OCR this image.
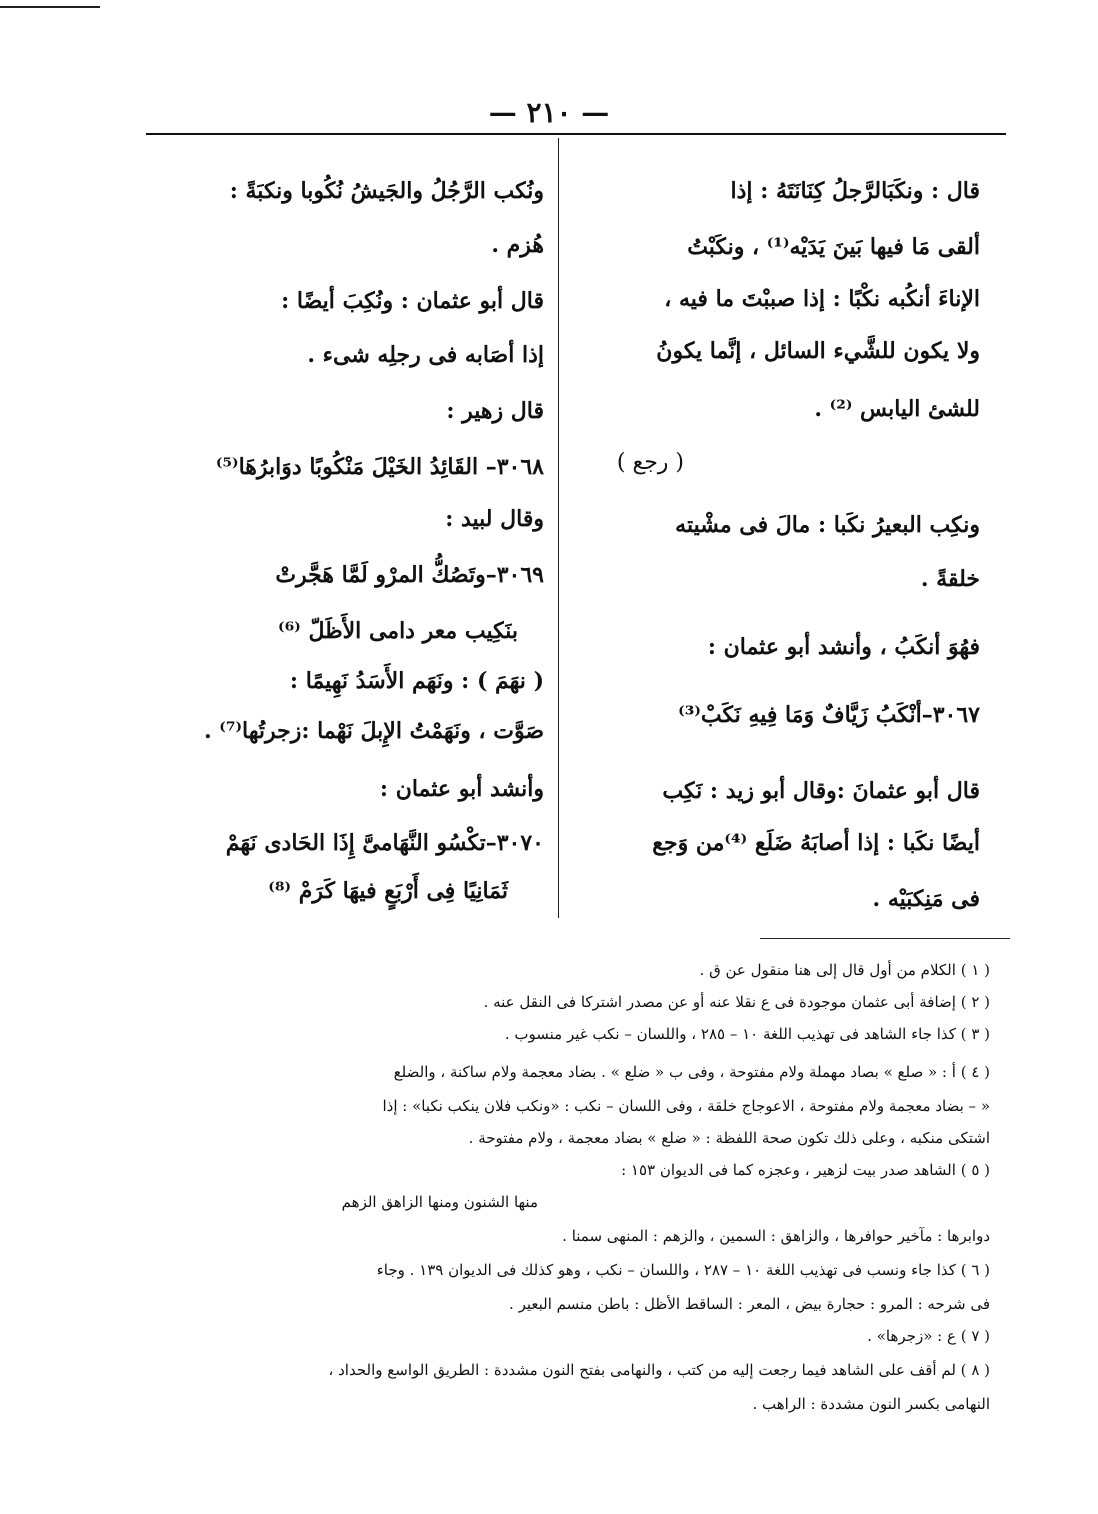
— ٢١٠ —
قال : ونكَبَالرَّجلُ كِنَانَتَهُ : إذا
ألقى مَا فيها بَينَ يَدَيْه⁽¹⁾ ، ونكَبْتُ
الإناءَ أنكُبه نكْبًا : إذا صببْتَ ما فيه ،
ولا يكون للشَّيء السائل ، إنَّما يكونُ
للشئ اليابس ⁽²⁾ .
( رجع )
ونكِب البعيرُ نكَبا : مالَ فى مشْيته
خلقةً .
فهُوَ أنكَبُ ، وأنشد أبو عثمان :
٣٠٦٧–أنْكَبُ زَيَّافٌ وَمَا فِيهِ نَكَبْ⁽³⁾
قال أبو عثمانَ :وقال أبو زيد : نَكِب
أيضًا نكَبا : إذا أصابَهُ ضَلَع ⁽⁴⁾من وَجع
فى مَنِكبَيْه .
ونُكب الرَّجُلُ والجَيشُ نُكُوبا ونكبَةً :
هُزم .
قال أبو عثمان : ونُكِبَ أيضًا :
إذا أصَابه فى رجلِه شىء .
قال زهير :
٣٠٦٨– القَائِدُ الخَيْلَ مَنْكُوبًا دوَابرُهَا⁽⁵⁾
وقال لبيد :
٣٠٦٩–وتَصُكُّ المرْو لَمَّا هَجَّرتْ
بنَكِيب معر دامى الأَظَلّ ⁽⁶⁾
( نهَمَ ) : ونَهَم الأَسَدُ نَهِيمًا :
صَوَّت ، ونَهَمْتُ الإِبلَ نَهْما :زجرتُها⁽⁷⁾ .
وأنشد أبو عثمان :
٣٠٧٠–تكْسُو النَّهَامىَّ إِذَا الحَادى نَهَمْ
ثَمَانِيًا فِى أَرْبَعٍ فيهَا كَرَمْ ⁽⁸⁾
( ١ ) الكلام من أول قال إلى هنا منقول عن ق .
( ٢ ) إضافة أبى عثمان موجودة فى ع نقلا عنه أو عن مصدر اشتركا فى النقل عنه .
( ٣ ) كذا جاء الشاهد فى تهذيب اللغة ١٠ – ٢٨٥ ، واللسان – نكب غير منسوب .
( ٤ ) أ : « صلع » بصاد مهملة ولام مفتوحة ، وفى ب « ضلع » . بضاد معجمة ولام ساكنة ، والضلع
« – بضاد معجمة ولام مفتوحة ، الاعوجاج خلقة ، وفى اللسان – نكب : «ونكب فلان ينكب نكبا» : إذا
اشتكى منكبه ، وعلى ذلك تكون صحة اللفظة : « ضلع » بضاد معجمة ، ولام مفتوحة .
( ٥ ) الشاهد صدر بيت لزهير ، وعجزه كما فى الديوان ١٥٣ :
منها الشنون ومنها الزاهق الزهم
دوابرها : مآخير حوافرها ، والزاهق : السمين ، والزهم : المنهى سمنا .
( ٦ ) كذا جاء ونسب فى تهذيب اللغة ١٠ – ٢٨٧ ، واللسان – نكب ، وهو كذلك فى الديوان ١٣٩ . وجاء
فى شرحه : المرو : حجارة بيض ، المعر : الساقط الأظل : باطن منسم البعير .
( ٧ ) ع : «زجرها» .
( ٨ ) لم أقف على الشاهد فيما رجعت إليه من كتب ، والنهامى بفتح النون مشددة : الطريق الواسع والحداد ،
النهامى بكسر النون مشددة : الراهب .
